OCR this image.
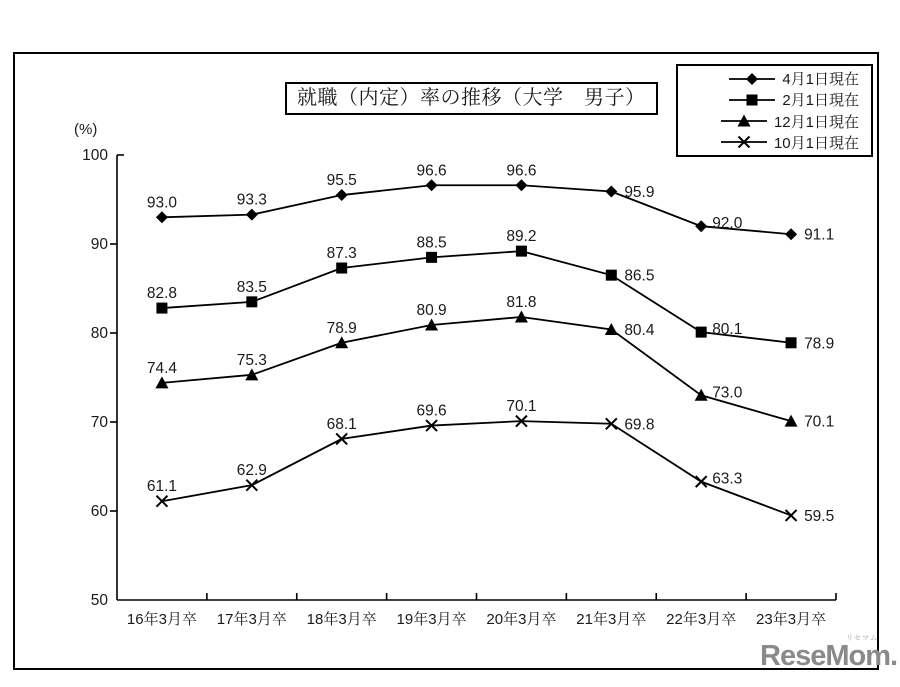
100
90
80
70
60
50
16年3月卒 17年3月卒 18年3月卒 19年3月卒 20年3月卒 21年3月卒 22年3月卒 23年3月卒
93.0	93.3
95.5
96.6	96.6
95.9
92.0
91.1
82.8	83.5
87.3
88.5	89.2
86.5
80.1
78.9
74.4	75.3
78.9
80.9	81.8
80.4
73.0
70.1
61.1
62.9
68.1
69.6	70.1
69.8
63.3
59.5
就職（内定）率の推移（大学　男子）
(%)
4月1日現在
2月1日現在
12月1日現在
10月1日現在
リセマム
ReseMom.
